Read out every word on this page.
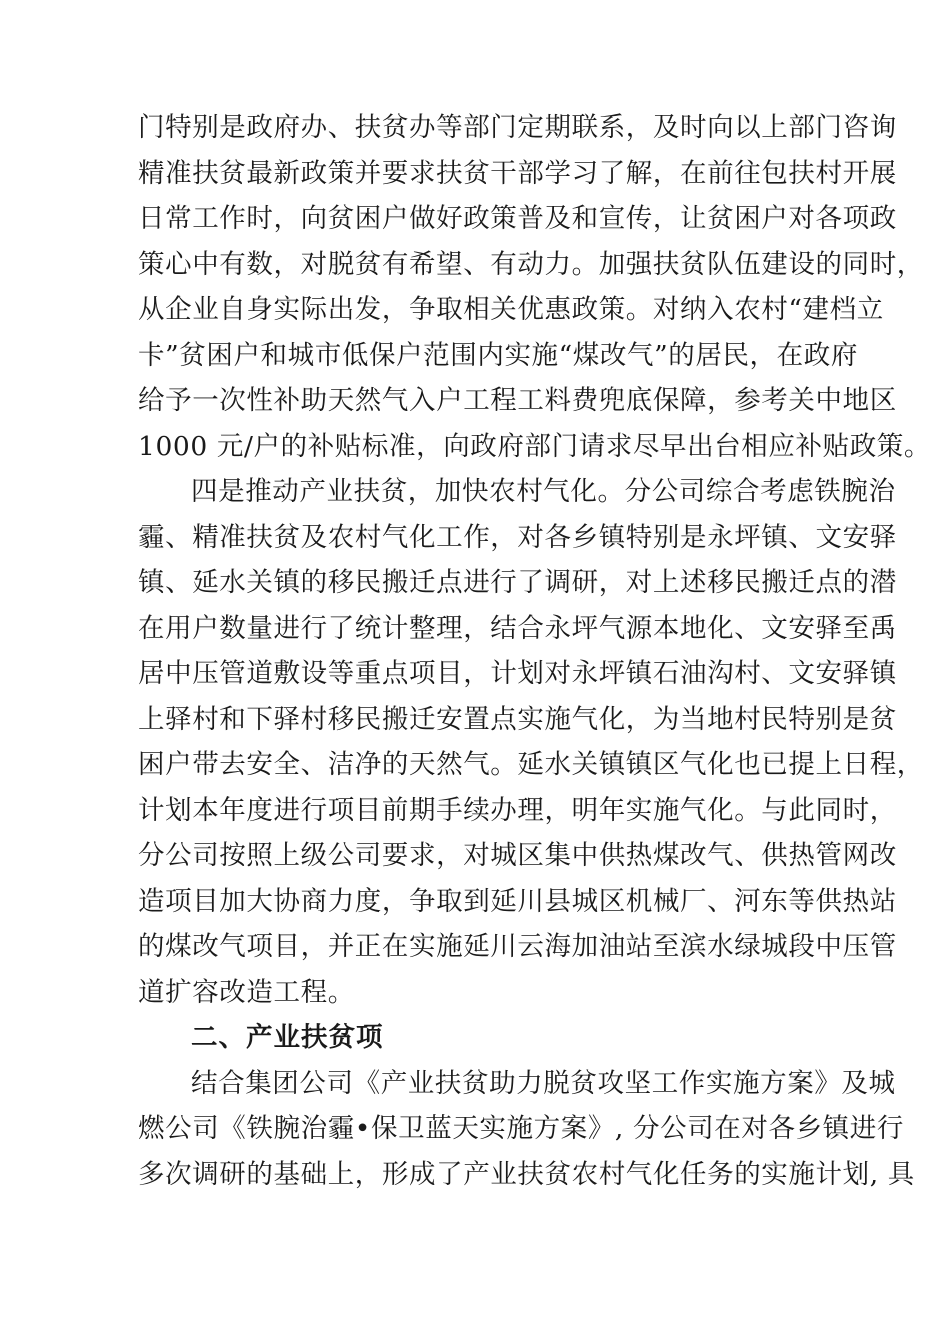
门特别是政府办、扶贫办等部门定期联系，及时向以上部门咨询
精准扶贫最新政策并要求扶贫干部学习了解，在前往包扶村开展
日常工作时，向贫困户做好政策普及和宣传，让贫困户对各项政
策心中有数，对脱贫有希望、有动力。加强扶贫队伍建设的同时，
从企业自身实际出发，争取相关优惠政策。对纳入农村“建档立
卡”贫困户和城市低保户范围内实施“煤改气”的居民，在政府
给予一次性补助天然气入户工程工料费兜底保障，参考关中地区
1000 元/户的补贴标准，向政府部门请求尽早出台相应补贴政策。
四是推动产业扶贫，加快农村气化。分公司综合考虑铁腕治
霾、精准扶贫及农村气化工作，对各乡镇特别是永坪镇、文安驿
镇、延水关镇的移民搬迁点进行了调研，对上述移民搬迁点的潜
在用户数量进行了统计整理，结合永坪气源本地化、文安驿至禹
居中压管道敷设等重点项目，计划对永坪镇石油沟村、文安驿镇
上驿村和下驿村移民搬迁安置点实施气化，为当地村民特别是贫
困户带去安全、洁净的天然气。延水关镇镇区气化也已提上日程，
计划本年度进行项目前期手续办理，明年实施气化。与此同时，
分公司按照上级公司要求，对城区集中供热煤改气、供热管网改
造项目加大协商力度，争取到延川县城区机械厂、河东等供热站
的煤改气项目，并正在实施延川云海加油站至滨水绿城段中压管
道扩容改造工程。
二、产业扶贫项
结合集团公司《产业扶贫助力脱贫攻坚工作实施方案》及城
燃公司《铁腕治霾•保卫蓝天实施方案》, 分公司在对各乡镇进行
多次调研的基础上，形成了产业扶贫农村气化任务的实施计划, 具
